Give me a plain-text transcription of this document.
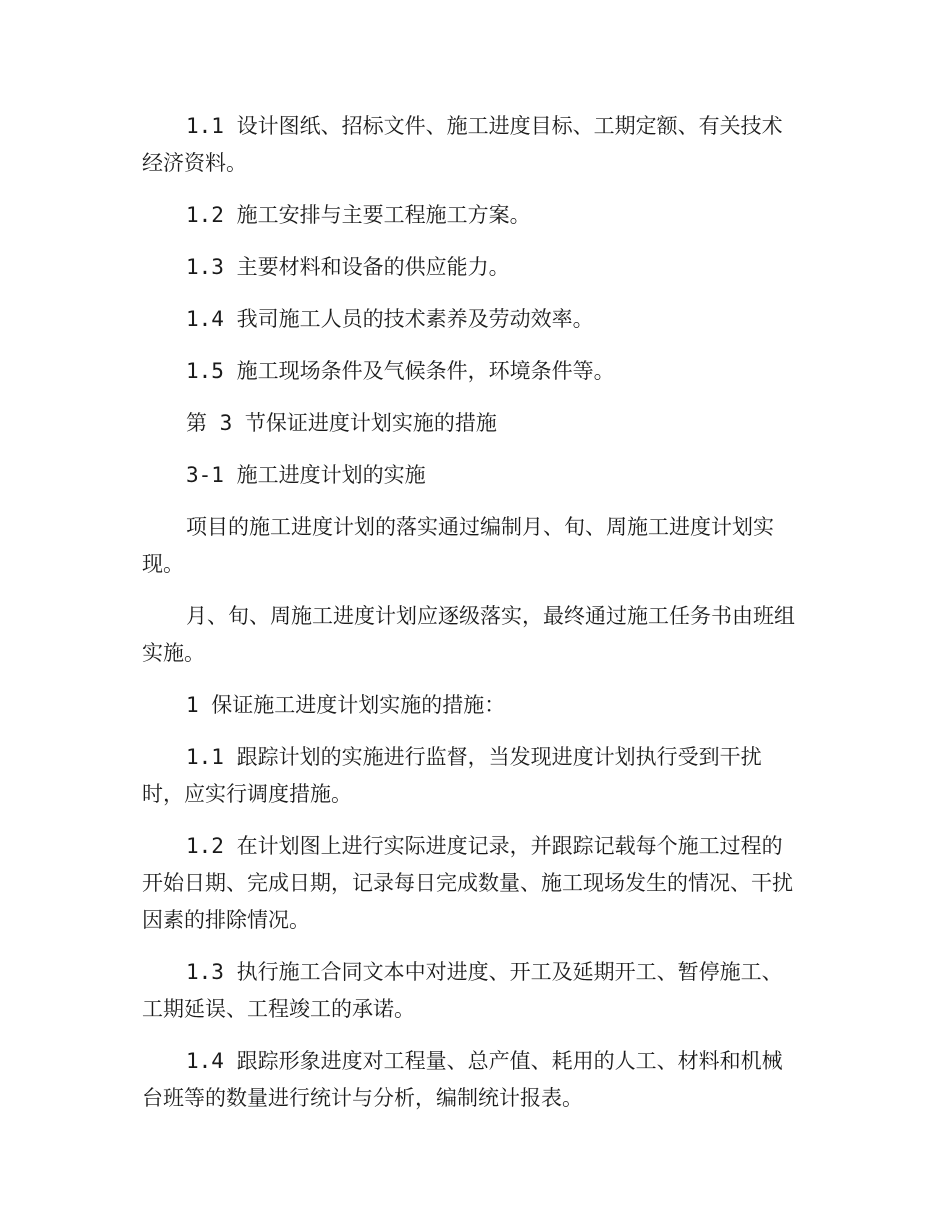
1.1 设计图纸、招标文件、施工进度目标、工期定额、有关技术经济资料。

1.2 施工安排与主要工程施工方案。

1.3 主要材料和设备的供应能力。

1.4 我司施工人员的技术素养及劳动效率。

1.5 施工现场条件及气候条件，环境条件等。

第 3 节保证进度计划实施的措施

3-1 施工进度计划的实施

项目的施工进度计划的落实通过编制月、旬、周施工进度计划实现。

月、旬、周施工进度计划应逐级落实，最终通过施工任务书由班组实施。

1 保证施工进度计划实施的措施：

1.1 跟踪计划的实施进行监督，当发现进度计划执行受到干扰时，应实行调度措施。

1.2 在计划图上进行实际进度记录，并跟踪记载每个施工过程的开始日期、完成日期，记录每日完成数量、施工现场发生的情况、干扰因素的排除情况。

1.3 执行施工合同文本中对进度、开工及延期开工、暂停施工、工期延误、工程竣工的承诺。

1.4 跟踪形象进度对工程量、总产值、耗用的人工、材料和机械台班等的数量进行统计与分析，编制统计报表。
